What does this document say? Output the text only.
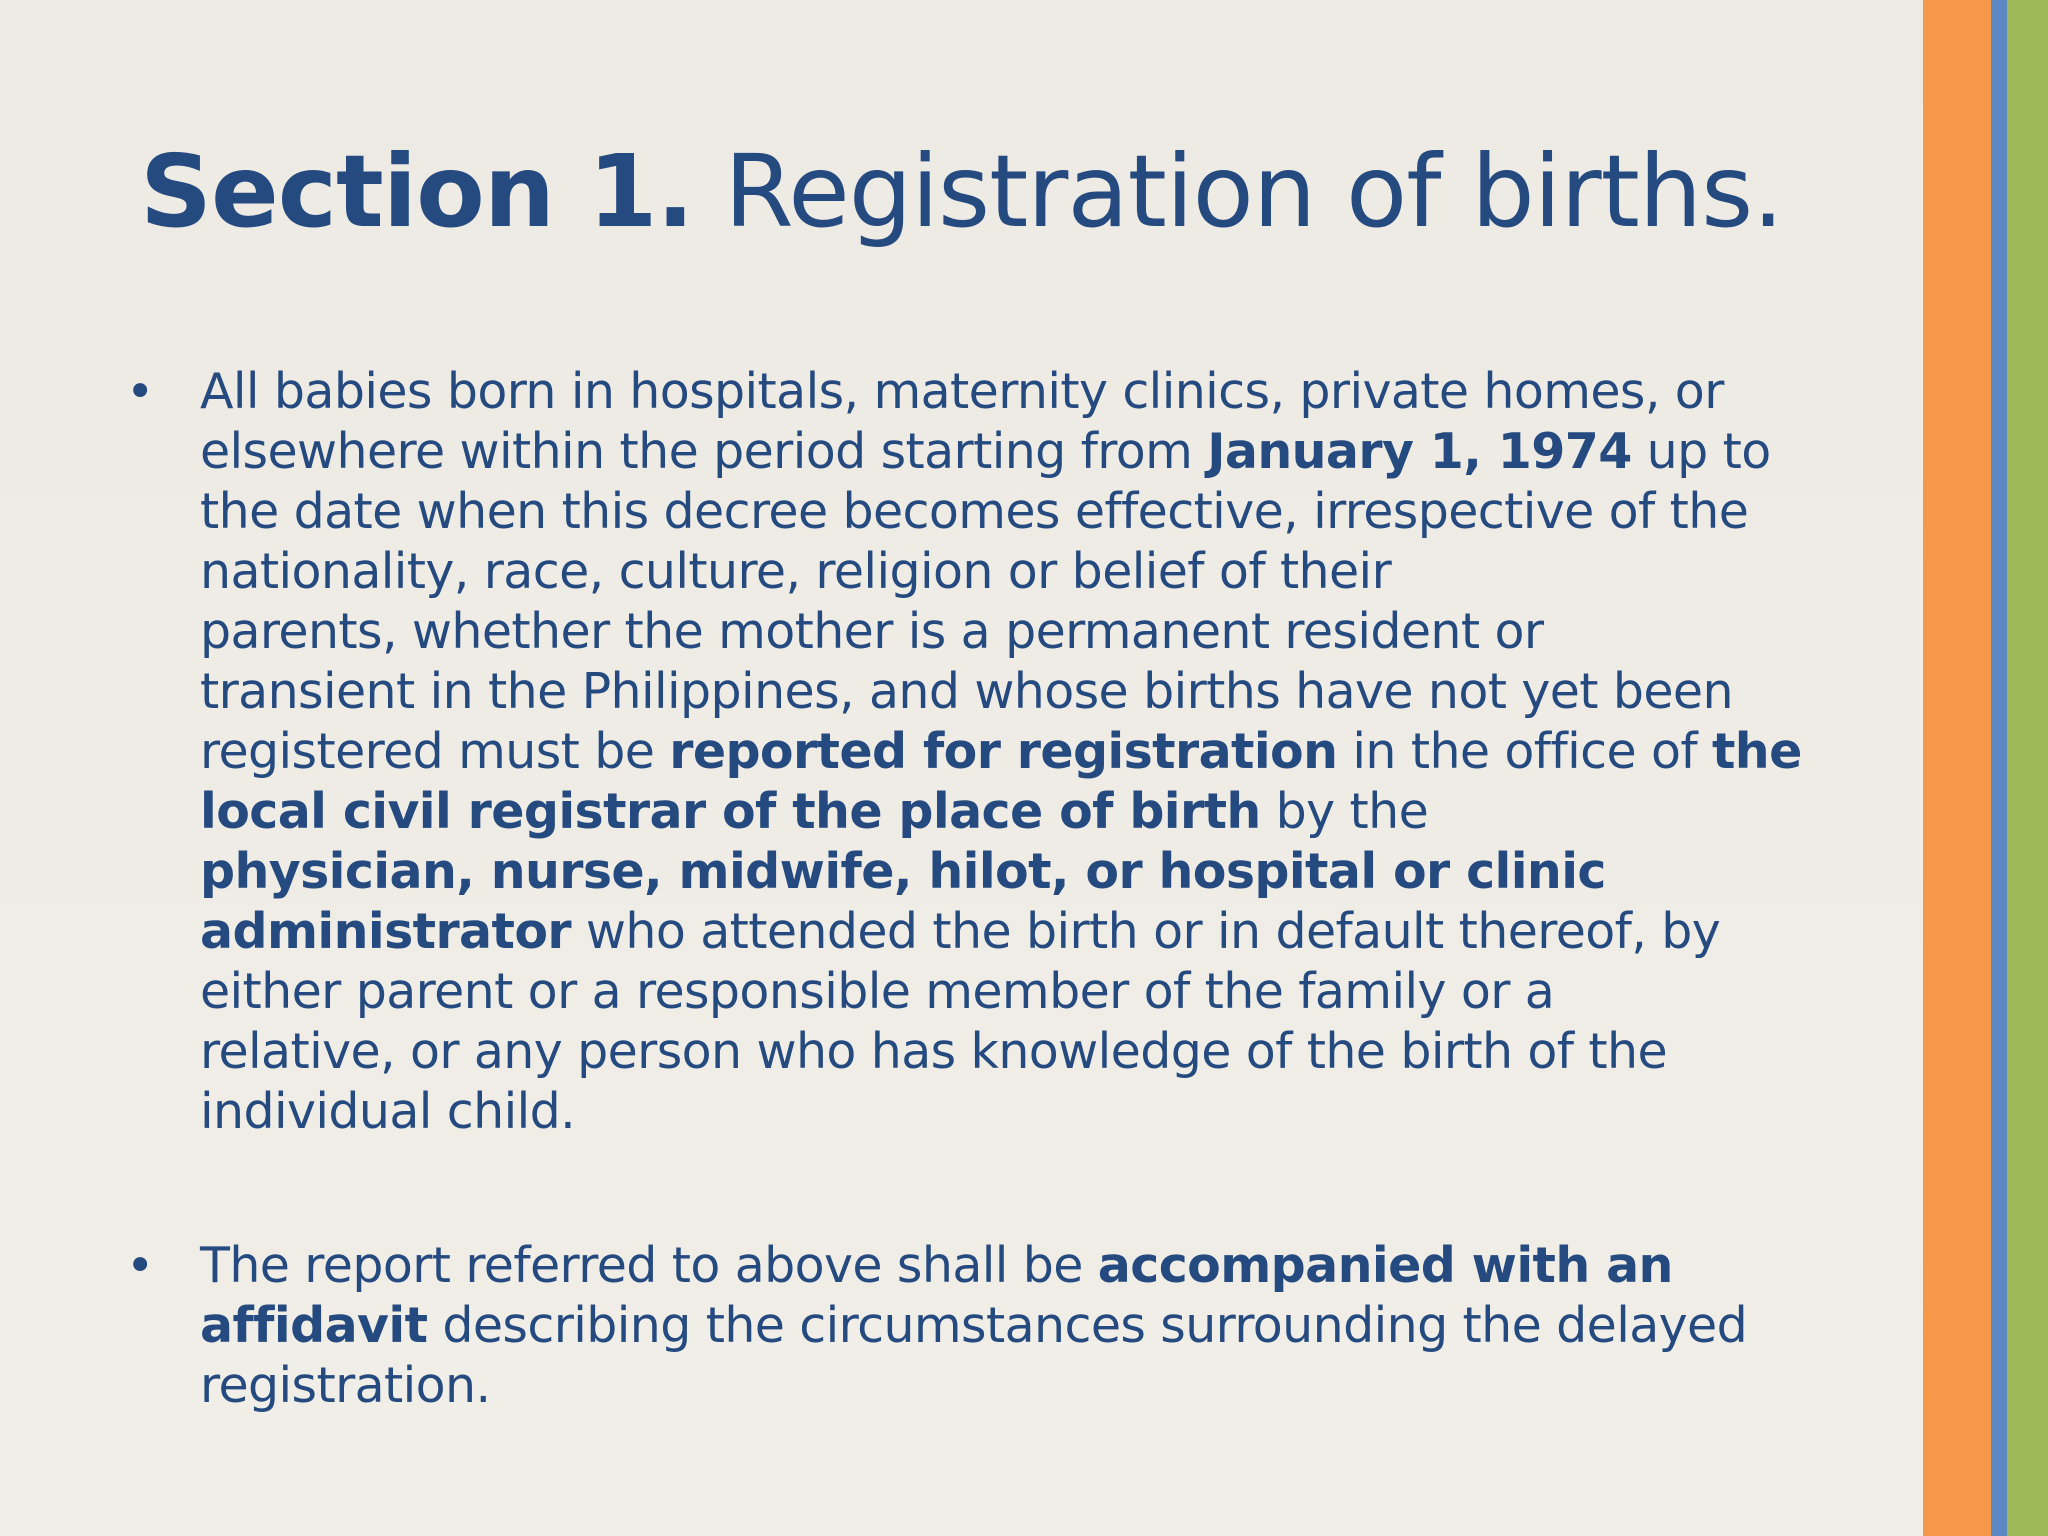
Section 1. Registration of births.
• All babies born in hospitals, maternity clinics, private homes, or
elsewhere within the period starting from January 1, 1974 up to
the date when this decree becomes effective, irrespective of the
nationality, race, culture, religion or belief of their
parents, whether the mother is a permanent resident or
transient in the Philippines, and whose births have not yet been
registered must be reported for registration in the office of the
local civil registrar of the place of birth by the
physician, nurse, midwife, hilot, or hospital or clinic
administrator who attended the birth or in default thereof, by
either parent or a responsible member of the family or a
relative, or any person who has knowledge of the birth of the
individual child.
• The report referred to above shall be accompanied with an
affidavit describing the circumstances surrounding the delayed
registration.
